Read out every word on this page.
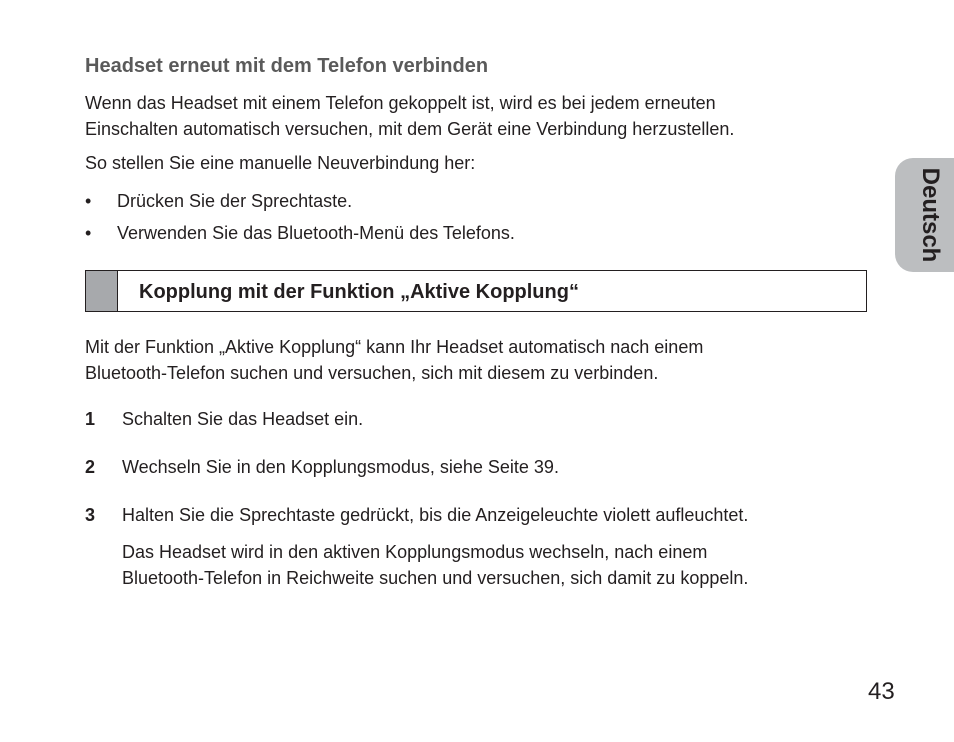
Headset erneut mit dem Telefon verbinden
Wenn das Headset mit einem Telefon gekoppelt ist, wird es bei jedem erneuten
Einschalten automatisch versuchen, mit dem Gerät eine Verbindung herzustellen.
So stellen Sie eine manuelle Neuverbindung her:
• Drücken Sie der Sprechtaste.
• Verwenden Sie das Bluetooth-Menü des Telefons.
Kopplung mit der Funktion „Aktive Kopplung“
Mit der Funktion „Aktive Kopplung“ kann Ihr Headset automatisch nach einem
Bluetooth-Telefon suchen und versuchen, sich mit diesem zu verbinden.
1 Schalten Sie das Headset ein.
2 Wechseln Sie in den Kopplungsmodus, siehe Seite 39.
3 Halten Sie die Sprechtaste gedrückt, bis die Anzeigeleuchte violett aufleuchtet.
Das Headset wird in den aktiven Kopplungsmodus wechseln, nach einem
Bluetooth-Telefon in Reichweite suchen und versuchen, sich damit zu koppeln.
Deutsch
43
